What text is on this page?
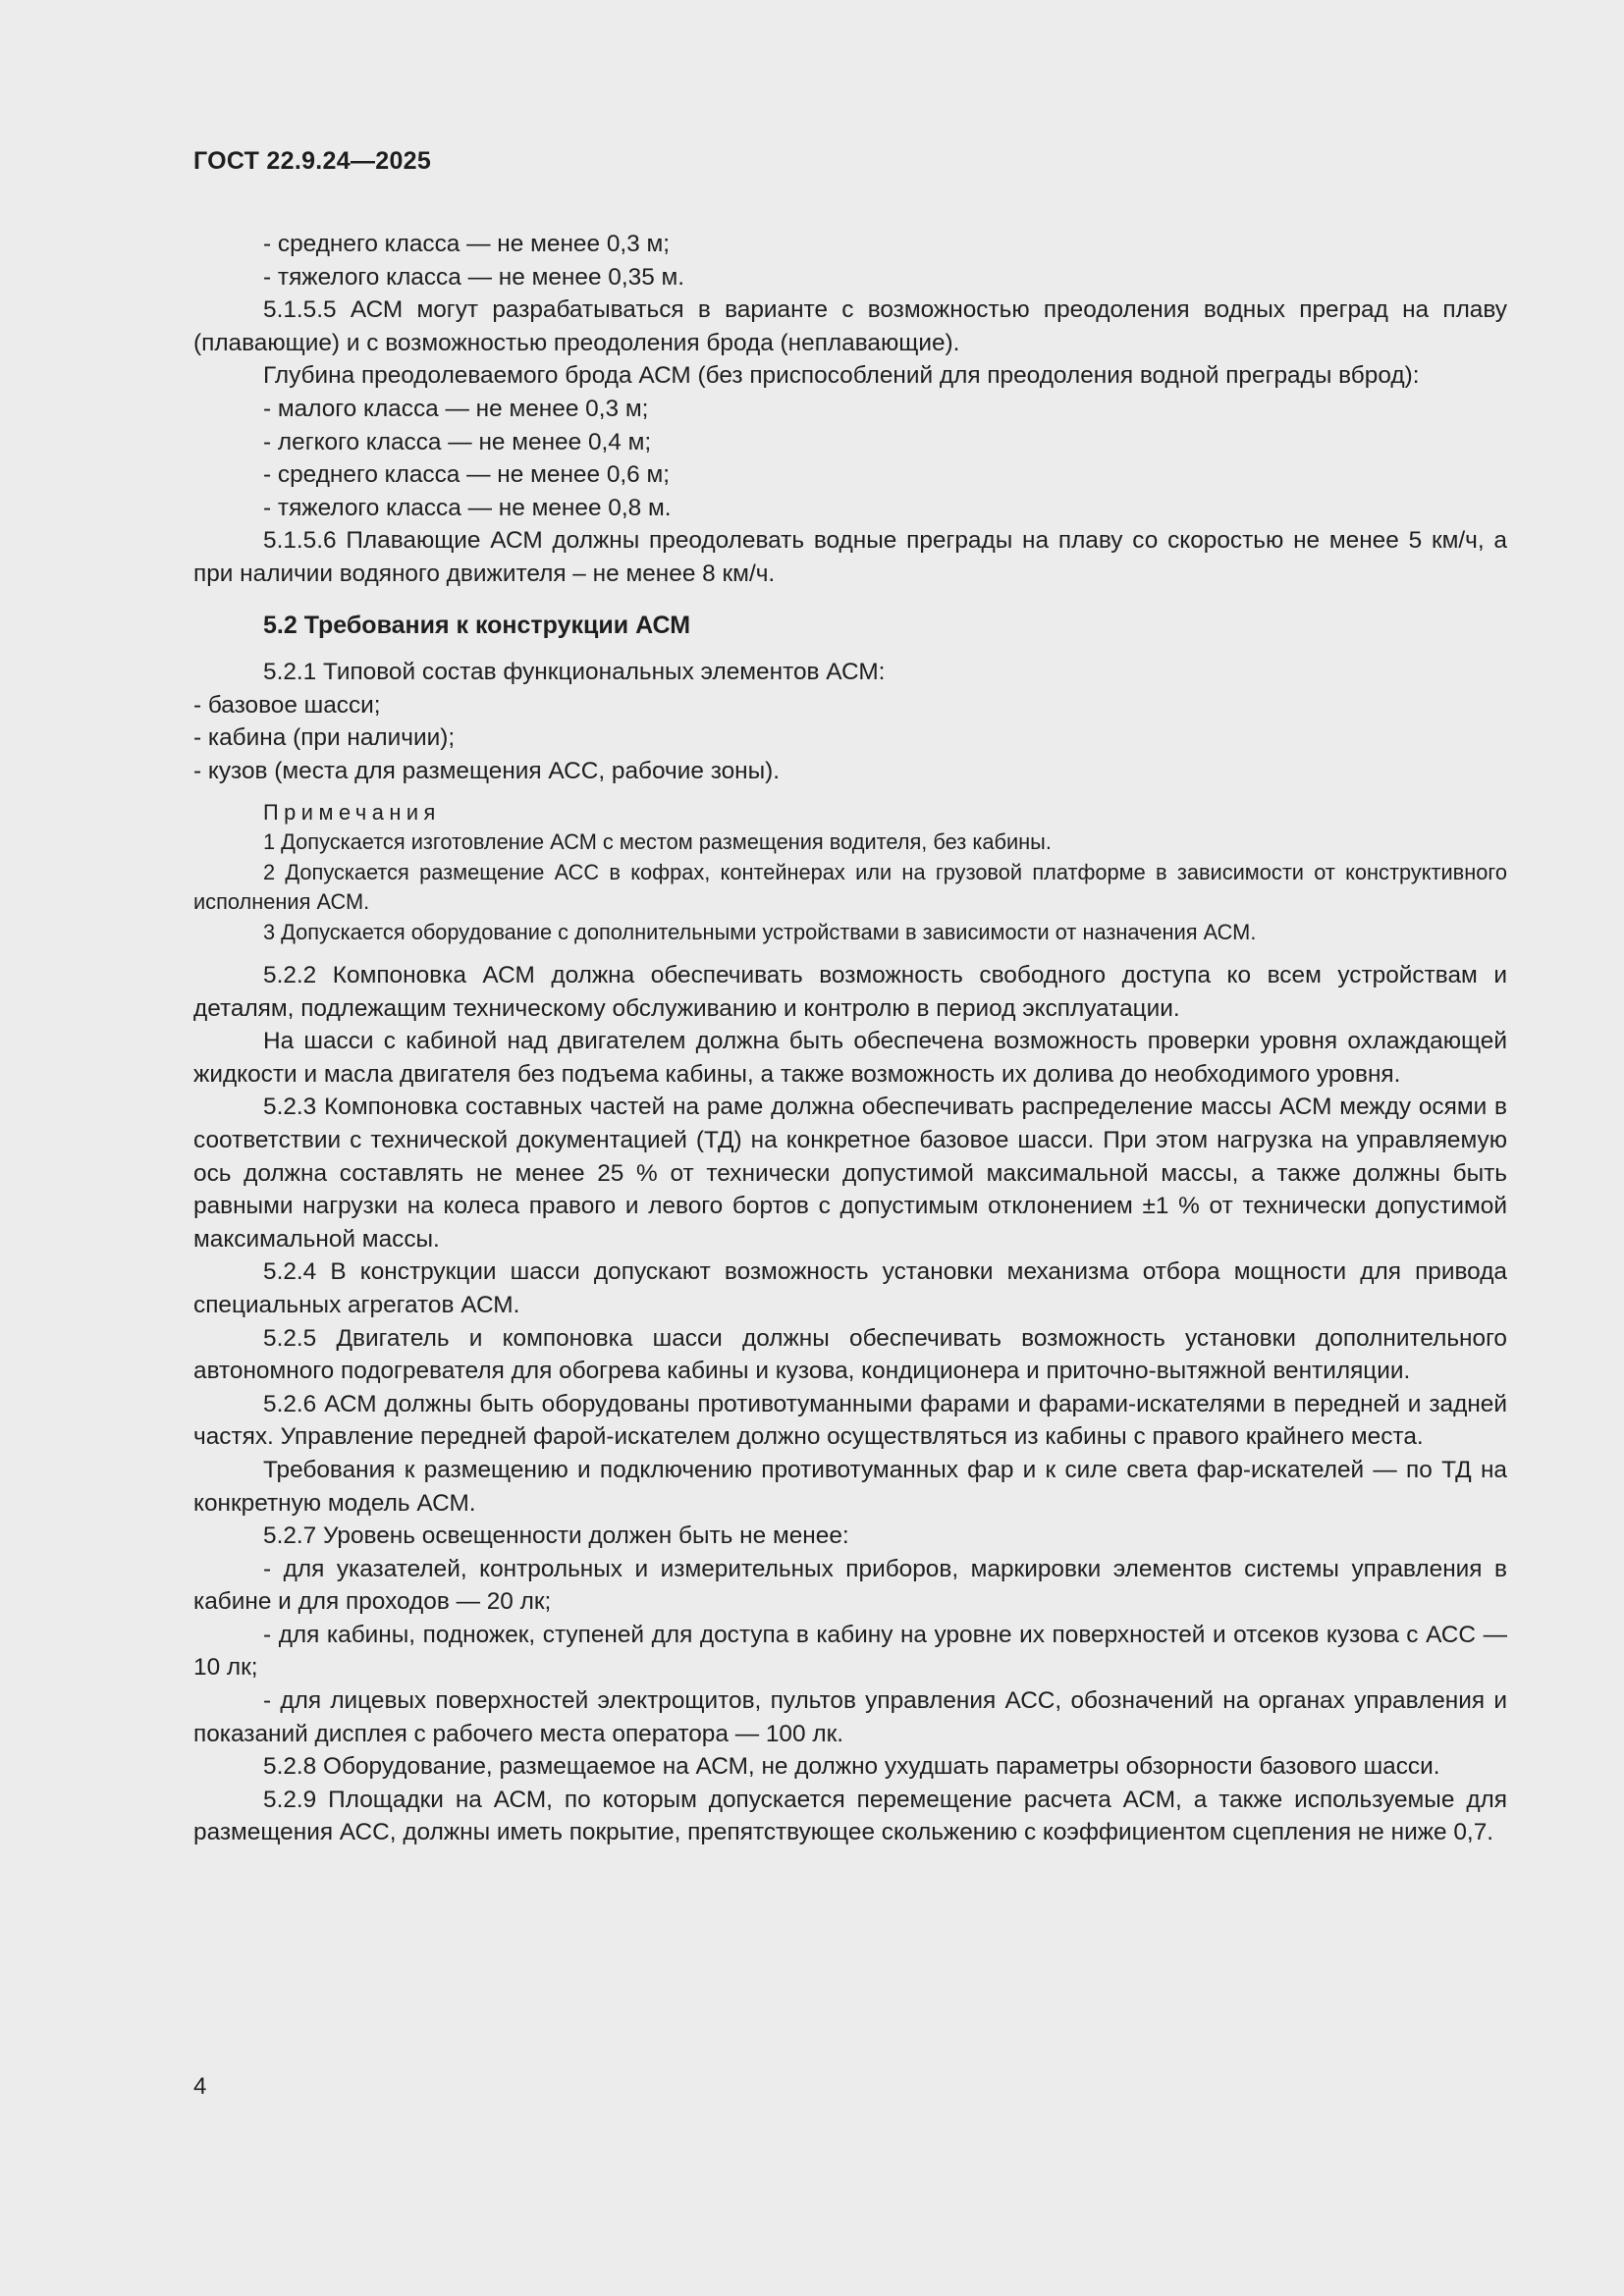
ГОСТ 22.9.24—2025

- среднего класса — не менее 0,3 м;

- тяжелого класса — не менее 0,35 м.

5.1.5.5 АСМ могут разрабатываться в варианте с возможностью преодоления водных преград на плаву (плавающие) и с возможностью преодоления брода (неплавающие).

Глубина преодолеваемого брода АСМ (без приспособлений для преодоления водной преграды вброд):

- малого класса — не менее 0,3 м;

- легкого класса — не менее 0,4 м;

- среднего класса — не менее 0,6 м;

- тяжелого класса — не менее 0,8 м.

5.1.5.6 Плавающие АСМ должны преодолевать водные преграды на плаву со скоростью не менее 5 км/ч, а при наличии водяного движителя – не менее 8 км/ч.

5.2 Требования к конструкции АСМ

5.2.1 Типовой состав функциональных элементов АСМ:

- базовое шасси;

- кабина (при наличии);

- кузов (места для размещения АСС, рабочие зоны).

Примечания

1 Допускается изготовление АСМ с местом размещения водителя, без кабины.

2 Допускается размещение АСС в кофрах, контейнерах или на грузовой платформе в зависимости от конструктивного исполнения АСМ.

3 Допускается оборудование с дополнительными устройствами в зависимости от назначения АСМ.

5.2.2 Компоновка АСМ должна обеспечивать возможность свободного доступа ко всем устройствам и деталям, подлежащим техническому обслуживанию и контролю в период эксплуатации.

На шасси с кабиной над двигателем должна быть обеспечена возможность проверки уровня охлаждающей жидкости и масла двигателя без подъема кабины, а также возможность их долива до необходимого уровня.

5.2.3 Компоновка составных частей на раме должна обеспечивать распределение массы АСМ между осями в соответствии с технической документацией (ТД) на конкретное базовое шасси. При этом нагрузка на управляемую ось должна составлять не менее 25 % от технически допустимой максимальной массы, а также должны быть равными нагрузки на колеса правого и левого бортов с допустимым отклонением ±1 % от технически допустимой максимальной массы.

5.2.4 В конструкции шасси допускают возможность установки механизма отбора мощности для привода специальных агрегатов АСМ.

5.2.5 Двигатель и компоновка шасси должны обеспечивать возможность установки дополнительного автономного подогревателя для обогрева кабины и кузова, кондиционера и приточно-вытяжной вентиляции.

5.2.6 АСМ должны быть оборудованы противотуманными фарами и фарами-искателями в передней и задней частях. Управление передней фарой-искателем должно осуществляться из кабины с правого крайнего места.

Требования к размещению и подключению противотуманных фар и к силе света фар-искателей — по ТД на конкретную модель АСМ.

5.2.7 Уровень освещенности должен быть не менее:

- для указателей, контрольных и измерительных приборов, маркировки элементов системы управления в кабине и для проходов — 20 лк;

- для кабины, подножек, ступеней для доступа в кабину на уровне их поверхностей и отсеков кузова с АСС — 10 лк;

- для лицевых поверхностей электрощитов, пультов управления АСС, обозначений на органах управления и показаний дисплея с рабочего места оператора — 100 лк.

5.2.8 Оборудование, размещаемое на АСМ, не должно ухудшать параметры обзорности базового шасси.

5.2.9 Площадки на АСМ, по которым допускается перемещение расчета АСМ, а также используемые для размещения АСС, должны иметь покрытие, препятствующее скольжению с коэффициентом сцепления не ниже 0,7.

4
